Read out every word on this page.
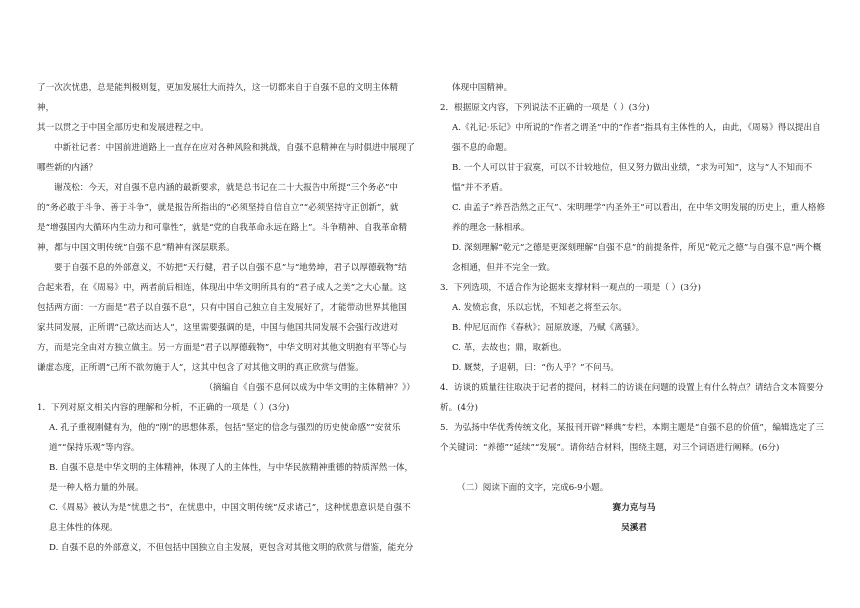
了一次次忧患，总是能判极则复，更加发展壮大而持久，这一切都来自于自强不息的文明主体精神，

其一以贯之于中国全部历史和发展进程之中。

中新社记者：中国前进道路上一直存在应对各种风险和挑战，自强不息精神在与时俱进中展现了哪些新的内涵？

谢茂松：今天，对自强不息内涵的最新要求，就是总书记在二十大报告中所提“三个务必”中的“务必敢于斗争、善于斗争”，就是报告所指出的“必须坚持自信自立”“必须坚持守正创新”，就是“增强国内大循环内生动力和可靠性”，就是“党的自我革命永远在路上”。斗争精神、自我革命精神，都与中国文明传统“自强不息”精神有深层联系。

要于自强不息的外部意义，不妨把“天行健，君子以自强不息”与“地势坤，君子以厚德载物”结合起来看，在《周易》中，两者前后相连，体现出中华文明所具有的“君子成人之美”之大心量。这包括两方面：一方面是“君子以自强不息”，只有中国自己独立自主发展好了，才能带动世界其他国家共同发展，正所谓“己欲达而达人”，这里需要强调的是，中国与他国共同发展不会强行改进对方，而是完全由对方独立做主。另一方面是“君子以厚德载物”，中华文明对其他文明抱有平等心与谦虚态度，正所谓“己所不欲勿施于人”，这其中包含了对其他文明的真正欣赏与借鉴。

（摘编自《自强不息何以成为中华文明的主体精神？》）

1．下列对原文相关内容的理解和分析，不正确的一项是（ ）(3分)

A. 孔子重视刚健有为，他的“刚”的思想体系，包括“坚定的信念与强烈的历史使命感”“安贫乐道”“保持乐观”等内容。

B. 自强不息是中华文明的主体精神，体现了人的主体性，与中华民族精神重德的特质浑然一体，是一种人格力量的外展。

C.《周易》被认为是“忧患之书”，在忧患中，中国文明传统“反求诸己”，这种忧患意识是自强不息主体性的体现。

D. 自强不息的外部意义，不但包括中国独立自主发展，更包含对其他文明的欣赏与借鉴，能充分

体现中国精神。

2．根据原文内容，下列说法不正确的一项是（ ）(3分)

A.《礼记·乐记》中所说的“作者之谓圣”中的“作者”指具有主体性的人，由此，《周易》得以提出自强不息的命题。

B. 一个人可以甘于寂寞，可以不计较地位，但又努力做出业绩，“求为可知”，这与“人不知而不愠”并不矛盾。

C. 由孟子“养吾浩然之正气”、宋明理学“内圣外王”可以看出，在中华文明发展的历史上，重人格修养的理念一脉相承。

D. 深刻理解“乾元”之德是更深刻理解“自强不息”的前提条件，所见“乾元之德”与自强不息”两个概念相通，但并不完全一致。

3．下列选项，不适合作为论据来支撑材料一观点的一项是（ ）(3分)

A. 发愤忘食，乐以忘忧，不知老之将至云尔。

B. 仲尼厄而作《春秋》；屈原放逐，乃赋《离骚》。

C. 革，去故也；鼎，取新也。

D. 厩焚，子退朝，曰：“伤人乎？”不问马。

4．访谈的质量往往取决于记者的提问，材料二的访谈在问题的设置上有什么特点？请结合文本简要分析。(4分)

5．为弘扬中华优秀传统文化，某报刊开辟“释典”专栏，本期主题是“自强不息的价值”，编辑选定了三个关键词：“养德”“延续”“发展”。请你结合材料，围绕主题，对三个词语进行阐释。(6分)

（二）阅读下面的文字，完成6-9小题。

赛力克与马

吴溪君
